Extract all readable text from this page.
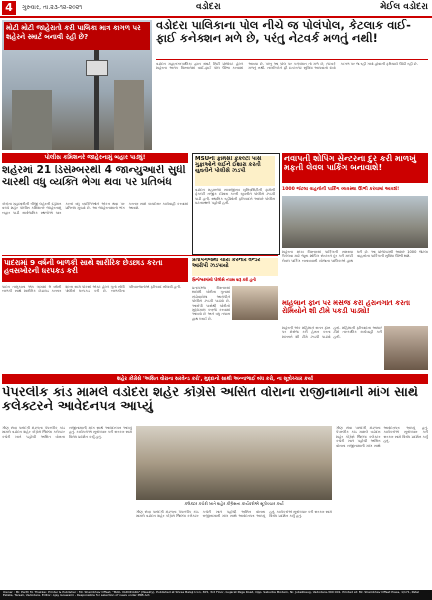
4	ગુરુવાર, તા.૨૩-૧૨-૨૦૨૧	વડોદરા	મેઈલ વડોદરા
મોટી મોટી જાહેરાતો કરી પાલિકા માત્ર કાગળ પર શહેરને સ્માર્ટ બનાવી રહી છે?
વડોદરા પાલિકાના પોલ નીચે જ પોલંપોલ, કેટલાક વાઈ-ફાઈ કનેક્શન મળે છે, પરંતુ નેટવર્ક મળતું નથી!
વડોદરા મહાનગરપાલિકા દ્વારા સ્માર્ટ સિટી પ્રોજેક્ટ હેઠળ શહેરના અનેક વિસ્તારોમાં વાઈ-ફાઈ પોલ ઊભા કરવામાં આવ્યા છે. પરંતુ આ પોલ પર કનેક્શન તો મળે છે, નેટવર્ક મળતું નથી. નાગરિકોને ફ્રી ઇન્ટરનેટ સુવિધા આપવાનો દાવો કાગળ પર જ રહી ગયો હોવાની ફરિયાદો ઊઠી રહી છે.
પોલીસ કમિશનરે જાહેરનામું બહાર પાડ્યું!
શહેરમાં 21 ડિસેમ્બરથી 4 જાન્યુઆરી સુધી ચારથી વધુ વ્યક્તિ ભેગા થવા પર પ્રતિબંધ
કોરોના મહામારીની ત્રીજી લહેરની દહેશત વચ્ચે શહેર પોલીસ કમિશનરે જાહેરનામું બહાર પાડી સાર્વજનિક સ્થળોએ ચાર કરતાં વધુ વ્યક્તિઓને એકત્ર થવા પર પ્રતિબંધ મૂક્યો છે. આ જાહેરનામાનો ભંગ કરનાર સામે કાયદેસર કાર્યવાહી કરવામાં આવશે.
MSUની ફાર્મસી ફેકલ્ટી પાસે ગુફાઓને લઈને ઈશારા કરતી યુવતીને પોલીસે ઝડપી
વડોદરા મહારાજા સયાજીરાવ યુનિવર્સિટીની ફાર્મસી ફેકલ્ટી નજીક ઈશારા કરતી યુવતીને પોલીસે ઝડપી પાડી હતી. સ્થાનિક રહીશોની ફરિયાદને આધારે પોલીસ ઘટનાસ્થળે પહોંચી હતી.
નવાપતી શોપિંગ સેન્ટરના દુર કરી માળખું મફતી લેવલ પાર્કિંગ બનાવાશે!
1000 જેટલા વાહનોની પાર્કિંગ વ્યવસ્થા ઊભી કરવામાં આવશે!
શહેરના મધ્ય વિસ્તારમાં પાર્કિંગની સમસ્યા ઉકેલવા માટે જૂના શોપિંગ સેન્ટરને દૂર કરી મલ્ટી લેવલ પાર્કિંગ બનાવવાની યોજના પાલિકાએ હાથ ધરી છે. આ પ્રોજેક્ટથી આશરે 1000 જેટલા વાહનોના પાર્કિંગની સુવિધા ઊભી થશે.
પાદરામાં 9 વર્ષની બાળકી સાથે શારીરિક છેડછાડ કરતા હવસખોરની ધરપકડ કરી
પાદરા તાલુકાના એક ગામમાં 9 વર્ષની બાળકી સાથે શારીરિક છેડછાડ કરનાર શખ્સ સામે પોક્સો એક્ટ હેઠળ ગુનો નોંધી પોલીસે ધરપકડ કરી છે. બાળકીના પરિવારજનોએ ફરિયાદ નોંધાવી હતી.
પ્રતાપગંજમાં ચોરી કરનાર વેન્ડર આરોપી ઝડપાયો
બ્રિજેશ્વરમાંથી પોલીસે તપાસ શરૂ કરી હતી
પ્રતાપગંજ વિસ્તારમાં થયેલી ચોરીના ગુનામાં સંડોવાયેલા આરોપીને પોલીસે ઝડપી પાડ્યો છે. આરોપી પાસેથી ચોરીનો મુદ્દામાલ કબજે કરવામાં આવ્યો છે અને વધુ તપાસ હાથ ધરાઈ છે.
મહિલાને ફોન પર મેસેજ કરી હેરાનગતિ કરતા રોમિયોને શી ટીમે પકડી પાડ્યો!
શહેરની એક મહિલાને સતત ફોન પર મેસેજ કરી હેરાન કરતા શખ્સને શી ટીમે ઝડપી પાડ્યો હતો. મહિલાની ફરિયાદના આધારે ટીમે તાત્કાલિક કાર્યવાહી કરી હતી.
શહેર કોંગ્રેસે 'અસિત વોરાના સરવેન્ડ કરો', મુદ્દાનો સાથી અન્નાભાઈ બંધ કરો, ના સૂત્રોચ્ચાર કર્યા
પેપરલીક કાંડ મામલે વડોદરા શહેર કોંગ્રેસે અસિત વોરાના રાજીનામાની માંગ સાથે કલેક્ટરને આવેદનપત્ર આપ્યું
કલેક્ટર કચેરી ખાતે શહેર કોંગ્રેસના કાર્યકરોએ સૂત્રોચ્ચાર કર્યા
ગૌણ સેવા પસંદગી મંડળના પેપરલીક કાંડ મામલે વડોદરા શહેર કોંગ્રેસે જિલ્લા કલેક્ટર કચેરી ખાતે પહોંચી અસિત વોરાના રાજીનામાની માંગ સાથે આવેદનપત્ર આપ્યું હતું. કાર્યકરોએ સૂત્રોચ્ચાર કરી સરકાર સામે વિરોધ પ્રદર્શન કર્યું હતું.
ગૌણ સેવા પસંદગી મંડળના પેપરલીક કાંડ મામલે વડોદરા શહેર કોંગ્રેસે જિલ્લા કલેક્ટર કચેરી ખાતે પહોંચી અસિત વોરાના રાજીનામાની માંગ સાથે આવેદનપત્ર આપ્યું હતું. કાર્યકરોએ સૂત્રોચ્ચાર કરી સરકાર સામે વિરોધ પ્રદર્શન કર્યું હતું.
ગૌણ સેવા પસંદગી મંડળના પેપરલીક કાંડ મામલે વડોદરા શહેર કોંગ્રેસે જિલ્લા કલેક્ટર કચેરી ખાતે પહોંચી અસિત વોરાના રાજીનામાની માંગ સાથે આવેદનપત્ર આપ્યું હતું. કાર્યકરોએ સૂત્રોચ્ચાર કરી સરકાર સામે વિરોધ પ્રદર્શન કર્યું હતું.
Owner : Mr. Parth M. Thakker. Printer & Publisher : Mr. Shambhav Offset, "MAIL VADODARA" (Weekly), Published at Shree Balaji Icon, 305, 3rd Floor, Gujarat Page Road, Opp. Saburba Modern, Nr. Jubelibaug, Vadodara-390 001. Printed at: Mr. Shambhav Offset Press, 1/171, Patel Estate, Tarsali, Vadodara. Editor: Ajay Goswami - Responsible for selection of news under PRB Act.
